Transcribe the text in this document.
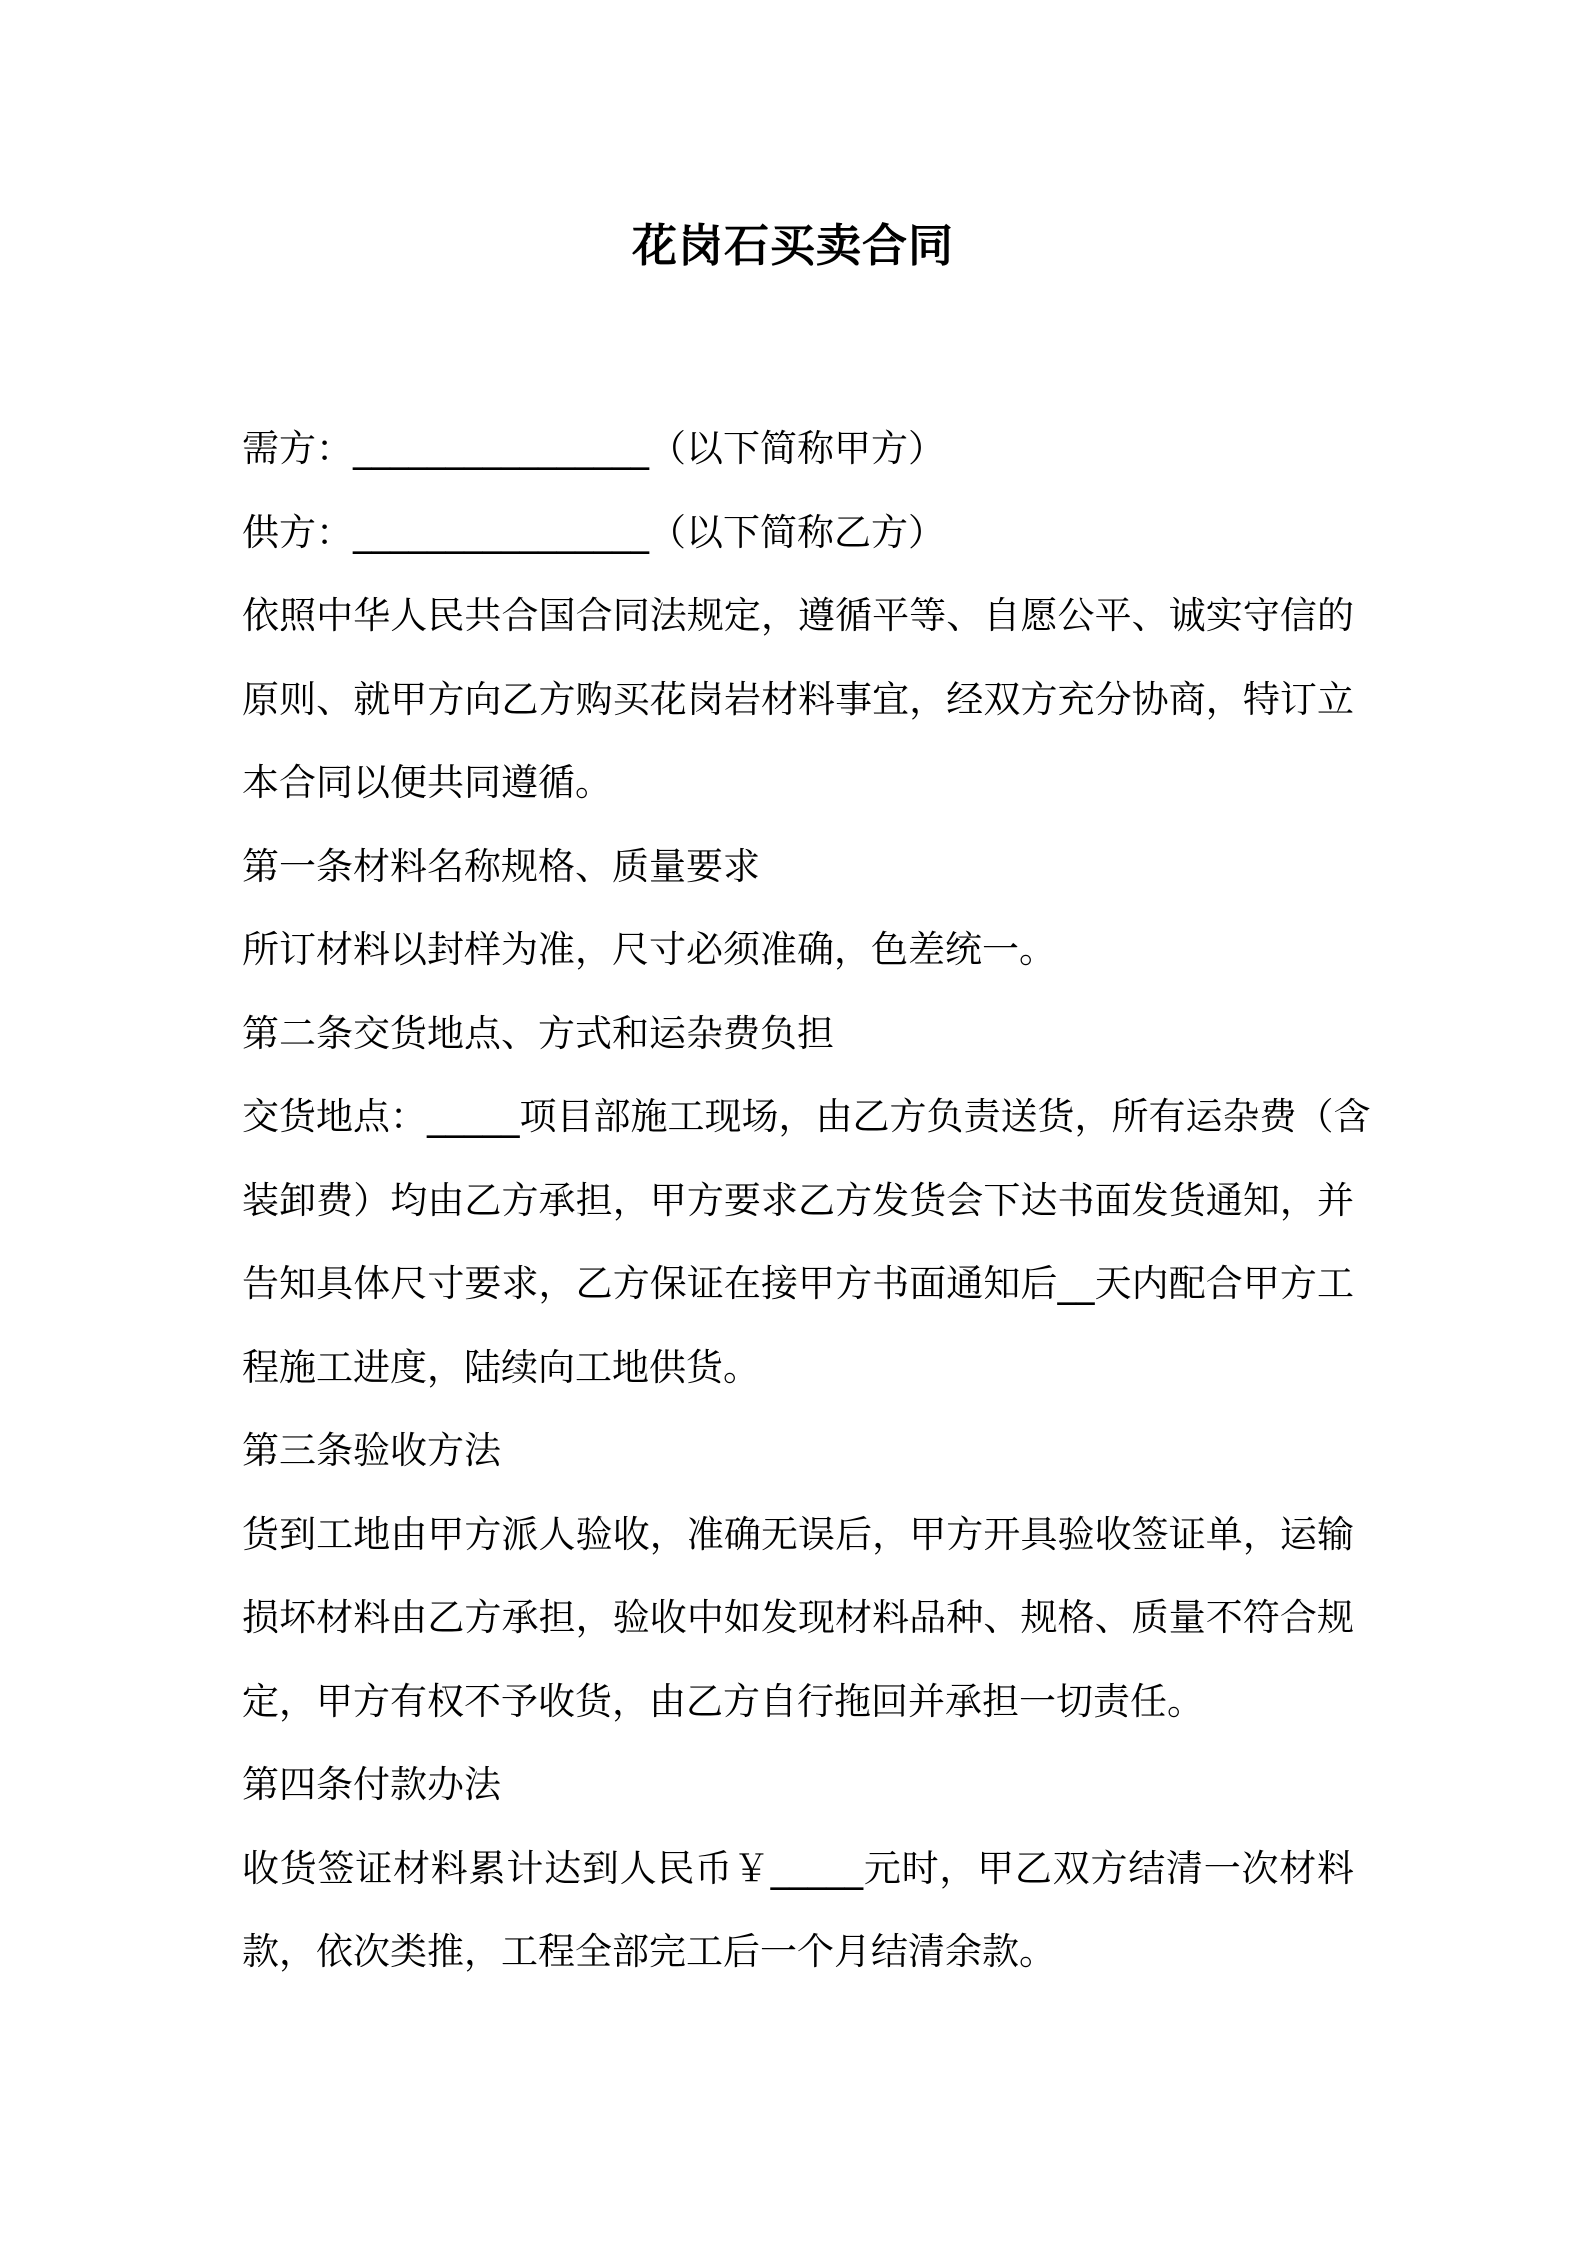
花岗石买卖合同
需方：________________（以下简称甲方）
供方：________________（以下简称乙方）
依照中华人民共合国合同法规定，遵循平等、自愿公平、诚实守信的
原则、就甲方向乙方购买花岗岩材料事宜，经双方充分协商，特订立
本合同以便共同遵循。
第一条材料名称规格、质量要求
所订材料以封样为准，尺寸必须准确，色差统一。
第二条交货地点、方式和运杂费负担
交货地点：_____项目部施工现场，由乙方负责送货，所有运杂费（含
装卸费）均由乙方承担，甲方要求乙方发货会下达书面发货通知，并
告知具体尺寸要求，乙方保证在接甲方书面通知后__天内配合甲方工
程施工进度，陆续向工地供货。
第三条验收方法
货到工地由甲方派人验收，准确无误后，甲方开具验收签证单，运输
损坏材料由乙方承担，验收中如发现材料品种、规格、质量不符合规
定，甲方有权不予收货，由乙方自行拖回并承担一切责任。
第四条付款办法
收货签证材料累计达到人民币￥_____元时，甲乙双方结清一次材料
款，依次类推，工程全部完工后一个月结清余款。
